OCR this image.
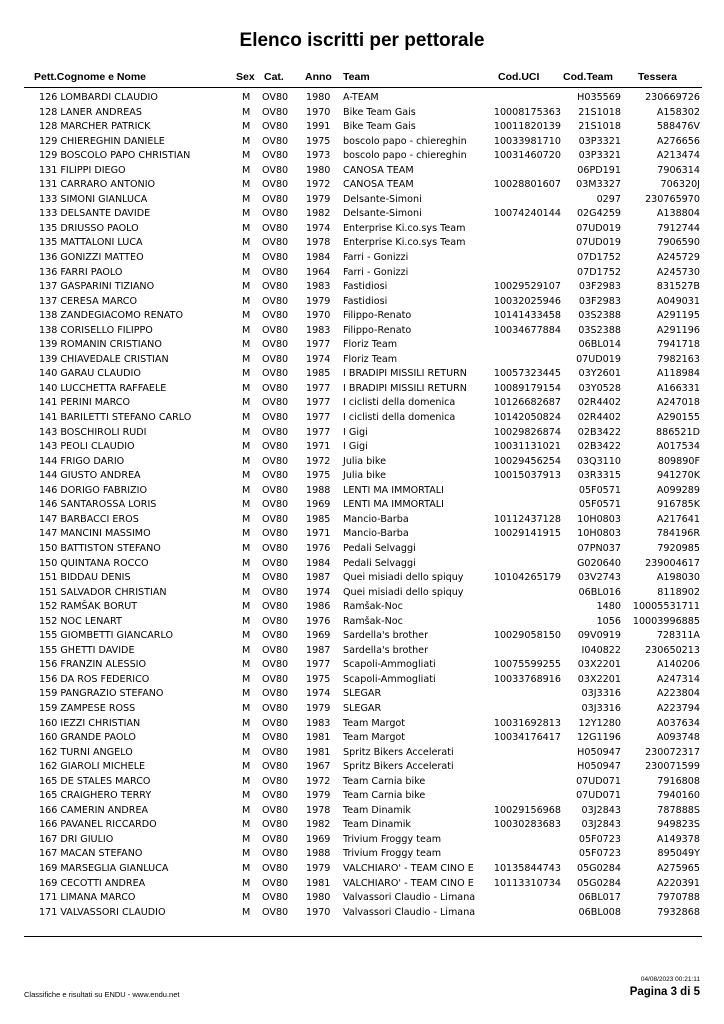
Elenco iscritti per pettorale
Pett.Cognome e Nome	Sex Cat. Anno Team	Cod.UCI Cod.Team Tessera
126 LOMBARDI CLAUDIO	M OV80 1980 A-TEAM	H035569	230669726
128 LANER ANDREAS	M OV80 1970 Bike Team Gais	10008175363 21S1018	A158302
128 MARCHER PATRICK	M OV80 1991 Bike Team Gais	10011820139 21S1018	588476V
129 CHIEREGHIN DANIELE	M OV80 1975 boscolo papo - chiereghin	10033981710 03P3321	A276656
129 BOSCOLO PAPO CHRISTIAN	M OV80 1973 boscolo papo - chiereghin	10031460720 03P3321	A213474
131 FILIPPI DIEGO	M OV80 1980 CANOSA TEAM	06PD191	7906314
131 CARRARO ANTONIO	M OV80 1972 CANOSA TEAM	10028801607 03M3327	706320J
133 SIMONI GIANLUCA	M OV80 1979 Delsante-Simoni	0297	230765970
133 DELSANTE DAVIDE	M OV80 1982 Delsante-Simoni	10074240144 02G4259	A138804
135 DRIUSSO PAOLO	M OV80 1974 Enterprise Ki.co.sys Team	07UD019	7912744
135 MATTALONI LUCA	M OV80 1978 Enterprise Ki.co.sys Team	07UD019	7906590
136 GONIZZI MATTEO	M OV80 1984 Farri - Gonizzi	07D1752	A245729
136 FARRI PAOLO	M OV80 1964 Farri - Gonizzi	07D1752	A245730
137 GASPARINI TIZIANO	M OV80 1983 Fastidiosi	10029529107 03F2983	831527B
137 CERESA MARCO	M OV80 1979 Fastidiosi	10032025946 03F2983	A049031
138 ZANDEGIACOMO RENATO	M OV80 1970 Filippo-Renato	10141433458 03S2388	A291195
138 CORISELLO FILIPPO	M OV80 1983 Filippo-Renato	10034677884 03S2388	A291196
139 ROMANIN CRISTIANO	M OV80 1977 Floriz Team	06BL014	7941718
139 CHIAVEDALE CRISTIAN	M OV80 1974 Floriz Team	07UD019	7982163
140 GARAU CLAUDIO	M OV80 1985 I BRADIPI MISSILI RETURN	10057323445 03Y2601	A118984
140 LUCCHETTA RAFFAELE	M OV80 1977 I BRADIPI MISSILI RETURN	10089179154 03Y0528	A166331
141 PERINI MARCO	M OV80 1977 I ciclisti della domenica	10126682687 02R4402	A247018
141 BARILETTI STEFANO CARLO	M OV80 1977 I ciclisti della domenica	10142050824 02R4402	A290155
143 BOSCHIROLI RUDI	M OV80 1977 I Gigi	10029826874 02B3422	886521D
143 PEOLI CLAUDIO	M OV80 1971 I Gigi	10031131021 02B3422	A017534
144 FRIGO DARIO	M OV80 1972 Julia bike	10029456254 03Q3110	809890F
144 GIUSTO ANDREA	M OV80 1975 Julia bike	10015037913 03R3315	941270K
146 DORIGO FABRIZIO	M OV80 1988 LENTI MA IMMORTALI	05F0571	A099289
146 SANTAROSSA LORIS	M OV80 1969 LENTI MA IMMORTALI	05F0571	916785K
147 BARBACCI EROS	M OV80 1985 Mancio-Barba	10112437128 10H0803	A217641
147 MANCINI MASSIMO	M OV80 1971 Mancio-Barba	10029141915 10H0803	784196R
150 BATTISTON STEFANO	M OV80 1976 Pedali Selvaggi	07PN037	7920985
150 QUINTANA ROCCO	M OV80 1984 Pedali Selvaggi	G020640	239004617
151 BIDDAU DENIS	M OV80 1987 Quei misiadi dello spiquy	10104265179 03V2743	A198030
151 SALVADOR CHRISTIAN	M OV80 1974 Quei misiadi dello spiquy	06BL016	8118902
152 RAMŠAK BORUT	M OV80 1986 Ramšak-Noc	1480 10005531711
152 NOC LENART	M OV80 1976 Ramšak-Noc	1056 10003996885
155 GIOMBETTI GIANCARLO	M OV80 1969 Sardella's brother	10029058150 09V0919	728311A
155 GHETTI DAVIDE	M OV80 1987 Sardella's brother	I040822	230650213
156 FRANZIN ALESSIO	M OV80 1977 Scapoli-Ammogliati	10075599255 03X2201	A140206
156 DA ROS FEDERICO	M OV80 1975 Scapoli-Ammogliati	10033768916 03X2201	A247314
159 PANGRAZIO STEFANO	M OV80 1974 SLEGAR	03J3316	A223804
159 ZAMPESE ROSS	M OV80 1979 SLEGAR	03J3316	A223794
160 IEZZI CHRISTIAN	M OV80 1983 Team Margot	10031692813 12Y1280	A037634
160 GRANDE PAOLO	M OV80 1981 Team Margot	10034176417 12G1196	A093748
162 TURNI ANGELO	M OV80 1981 Spritz Bikers Accelerati	H050947	230072317
162 GIAROLI MICHELE	M OV80 1967 Spritz Bikers Accelerati	H050947	230071599
165 DE STALES MARCO	M OV80 1972 Team Carnia bike	07UD071	7916808
165 CRAIGHERO TERRY	M OV80 1979 Team Carnia bike	07UD071	7940160
166 CAMERIN ANDREA	M OV80 1978 Team Dinamik	10029156968 03J2843	787888S
166 PAVANEL RICCARDO	M OV80 1982 Team Dinamik	10030283683 03J2843	949823S
167 DRI GIULIO	M OV80 1969 Trivium Froggy team	05F0723	A149378
167 MACAN STEFANO	M OV80 1988 Trivium Froggy team	05F0723	895049Y
169 MARSEGLIA GIANLUCA	M OV80 1979 VALCHIARO' - TEAM CINO E 10135844743 05G0284	A275965
169 CECOTTI ANDREA	M OV80 1981 VALCHIARO' - TEAM CINO E 10113310734 05G0284	A220391
171 LIMANA MARCO	M OV80 1980 Valvassori Claudio - Limana	06BL017	7970788
171 VALVASSORI CLAUDIO	M OV80 1970 Valvassori Claudio - Limana	06BL008	7932868
Classifiche e risultati su ENDU - www.endu.net
04/08/2023 00:21:11
Pagina 3 di 5
